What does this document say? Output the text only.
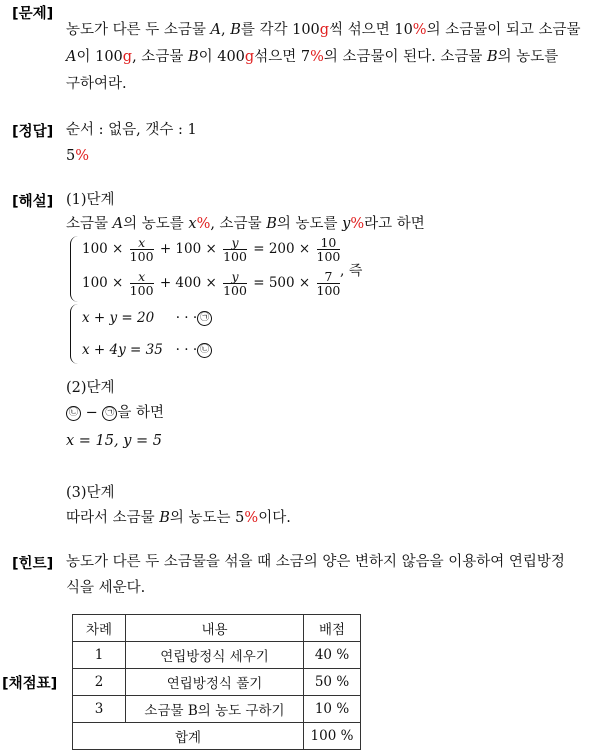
[문제]
농도가 다른 두 소금물 A, B를 각각 100g씩 섞으면 10%의 소금물이 되고 소금물
A이 100g, 소금물 B이 400g섞으면 7%의 소금물이 된다. 소금물 B의 농도를
구하여라.
[정답] 순서 : 없음, 갯수 : 1
5%
[해설] (1)단계
소금물 A의 농도를 x%, 소금물 B의 농도를 y%라고 하면
$100 \times \frac{x}{100} + 100 \times \frac{y}{100} = 200 \times \frac{10}{100}$
$100 \times \frac{x}{100} + 400 \times \frac{y}{100} = 500 \times \frac{7}{100}$ , 즉
x + y = 20 · · · ㉠
x + 4y = 35 · · · ㉡
(2)단계
㉡ − ㉠ 을 하면
x = 15, y = 5
(3)단계
따라서 소금물 B의 농도는 5%이다.
[힌트] 농도가 다른 두 소금물을 섞을 때 소금의 양은 변하지 않음을 이용하여 연립방정
식을 세운다.
[채점표]
차례	내용	배점
1	연립방정식 세우기	40 %
2	연립방정식 풀기	50 %
3	소금물 B의 농도 구하기	10 %
합계		100 %
